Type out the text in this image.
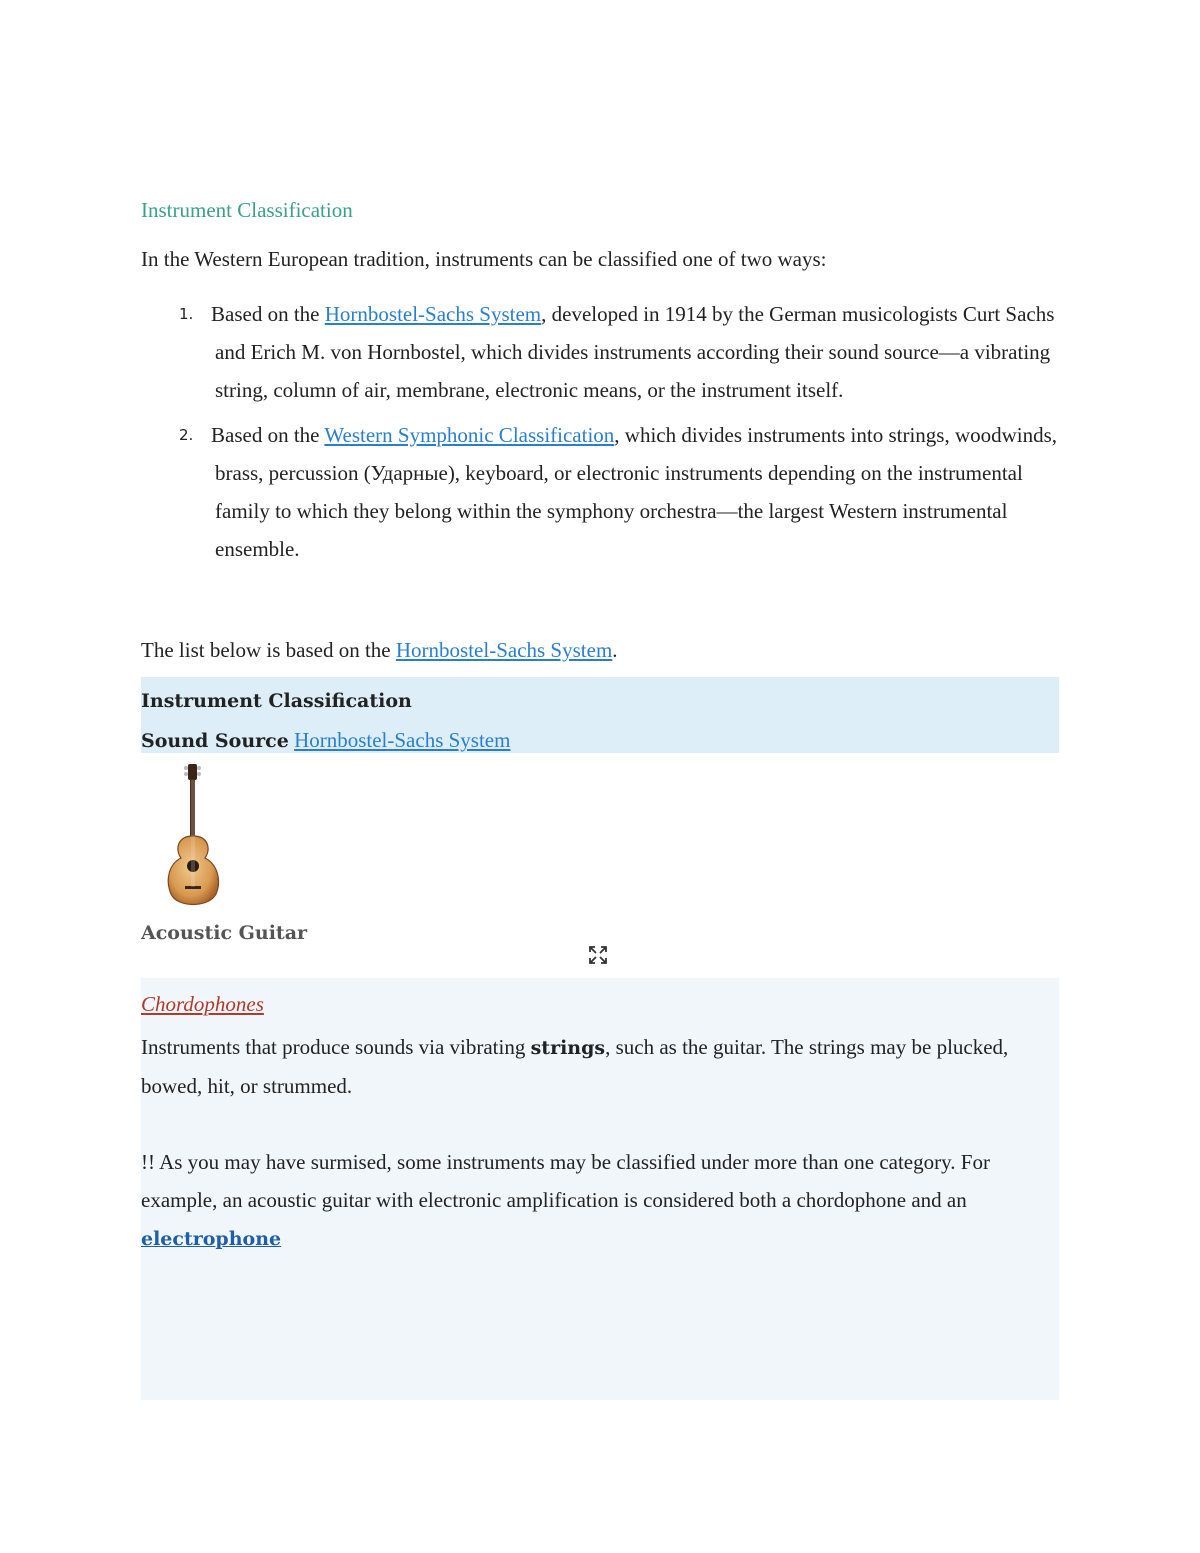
Instrument Classification

In the Western European tradition, instruments can be classified one of two ways:

1. Based on the Hornbostel-Sachs System, developed in 1914 by the German musicologists Curt Sachs and Erich M. von Hornbostel, which divides instruments according their sound source—a vibrating string, column of air, membrane, electronic means, or the instrument itself.
2. Based on the Western Symphonic Classification, which divides instruments into strings, woodwinds, brass, percussion (Ударные), keyboard, or electronic instruments depending on the instrumental family to which they belong within the symphony orchestra—the largest Western instrumental ensemble.

The list below is based on the Hornbostel-Sachs System.

Instrument Classification
Sound Source Hornbostel-Sachs System
Acoustic Guitar
Chordophones

Instruments that produce sounds via vibrating strings, such as the guitar. The strings may be plucked, bowed, hit, or strummed.

!! As you may have surmised, some instruments may be classified under more than one category. For example, an acoustic guitar with electronic amplification is considered both a chordophone and an electrophone
